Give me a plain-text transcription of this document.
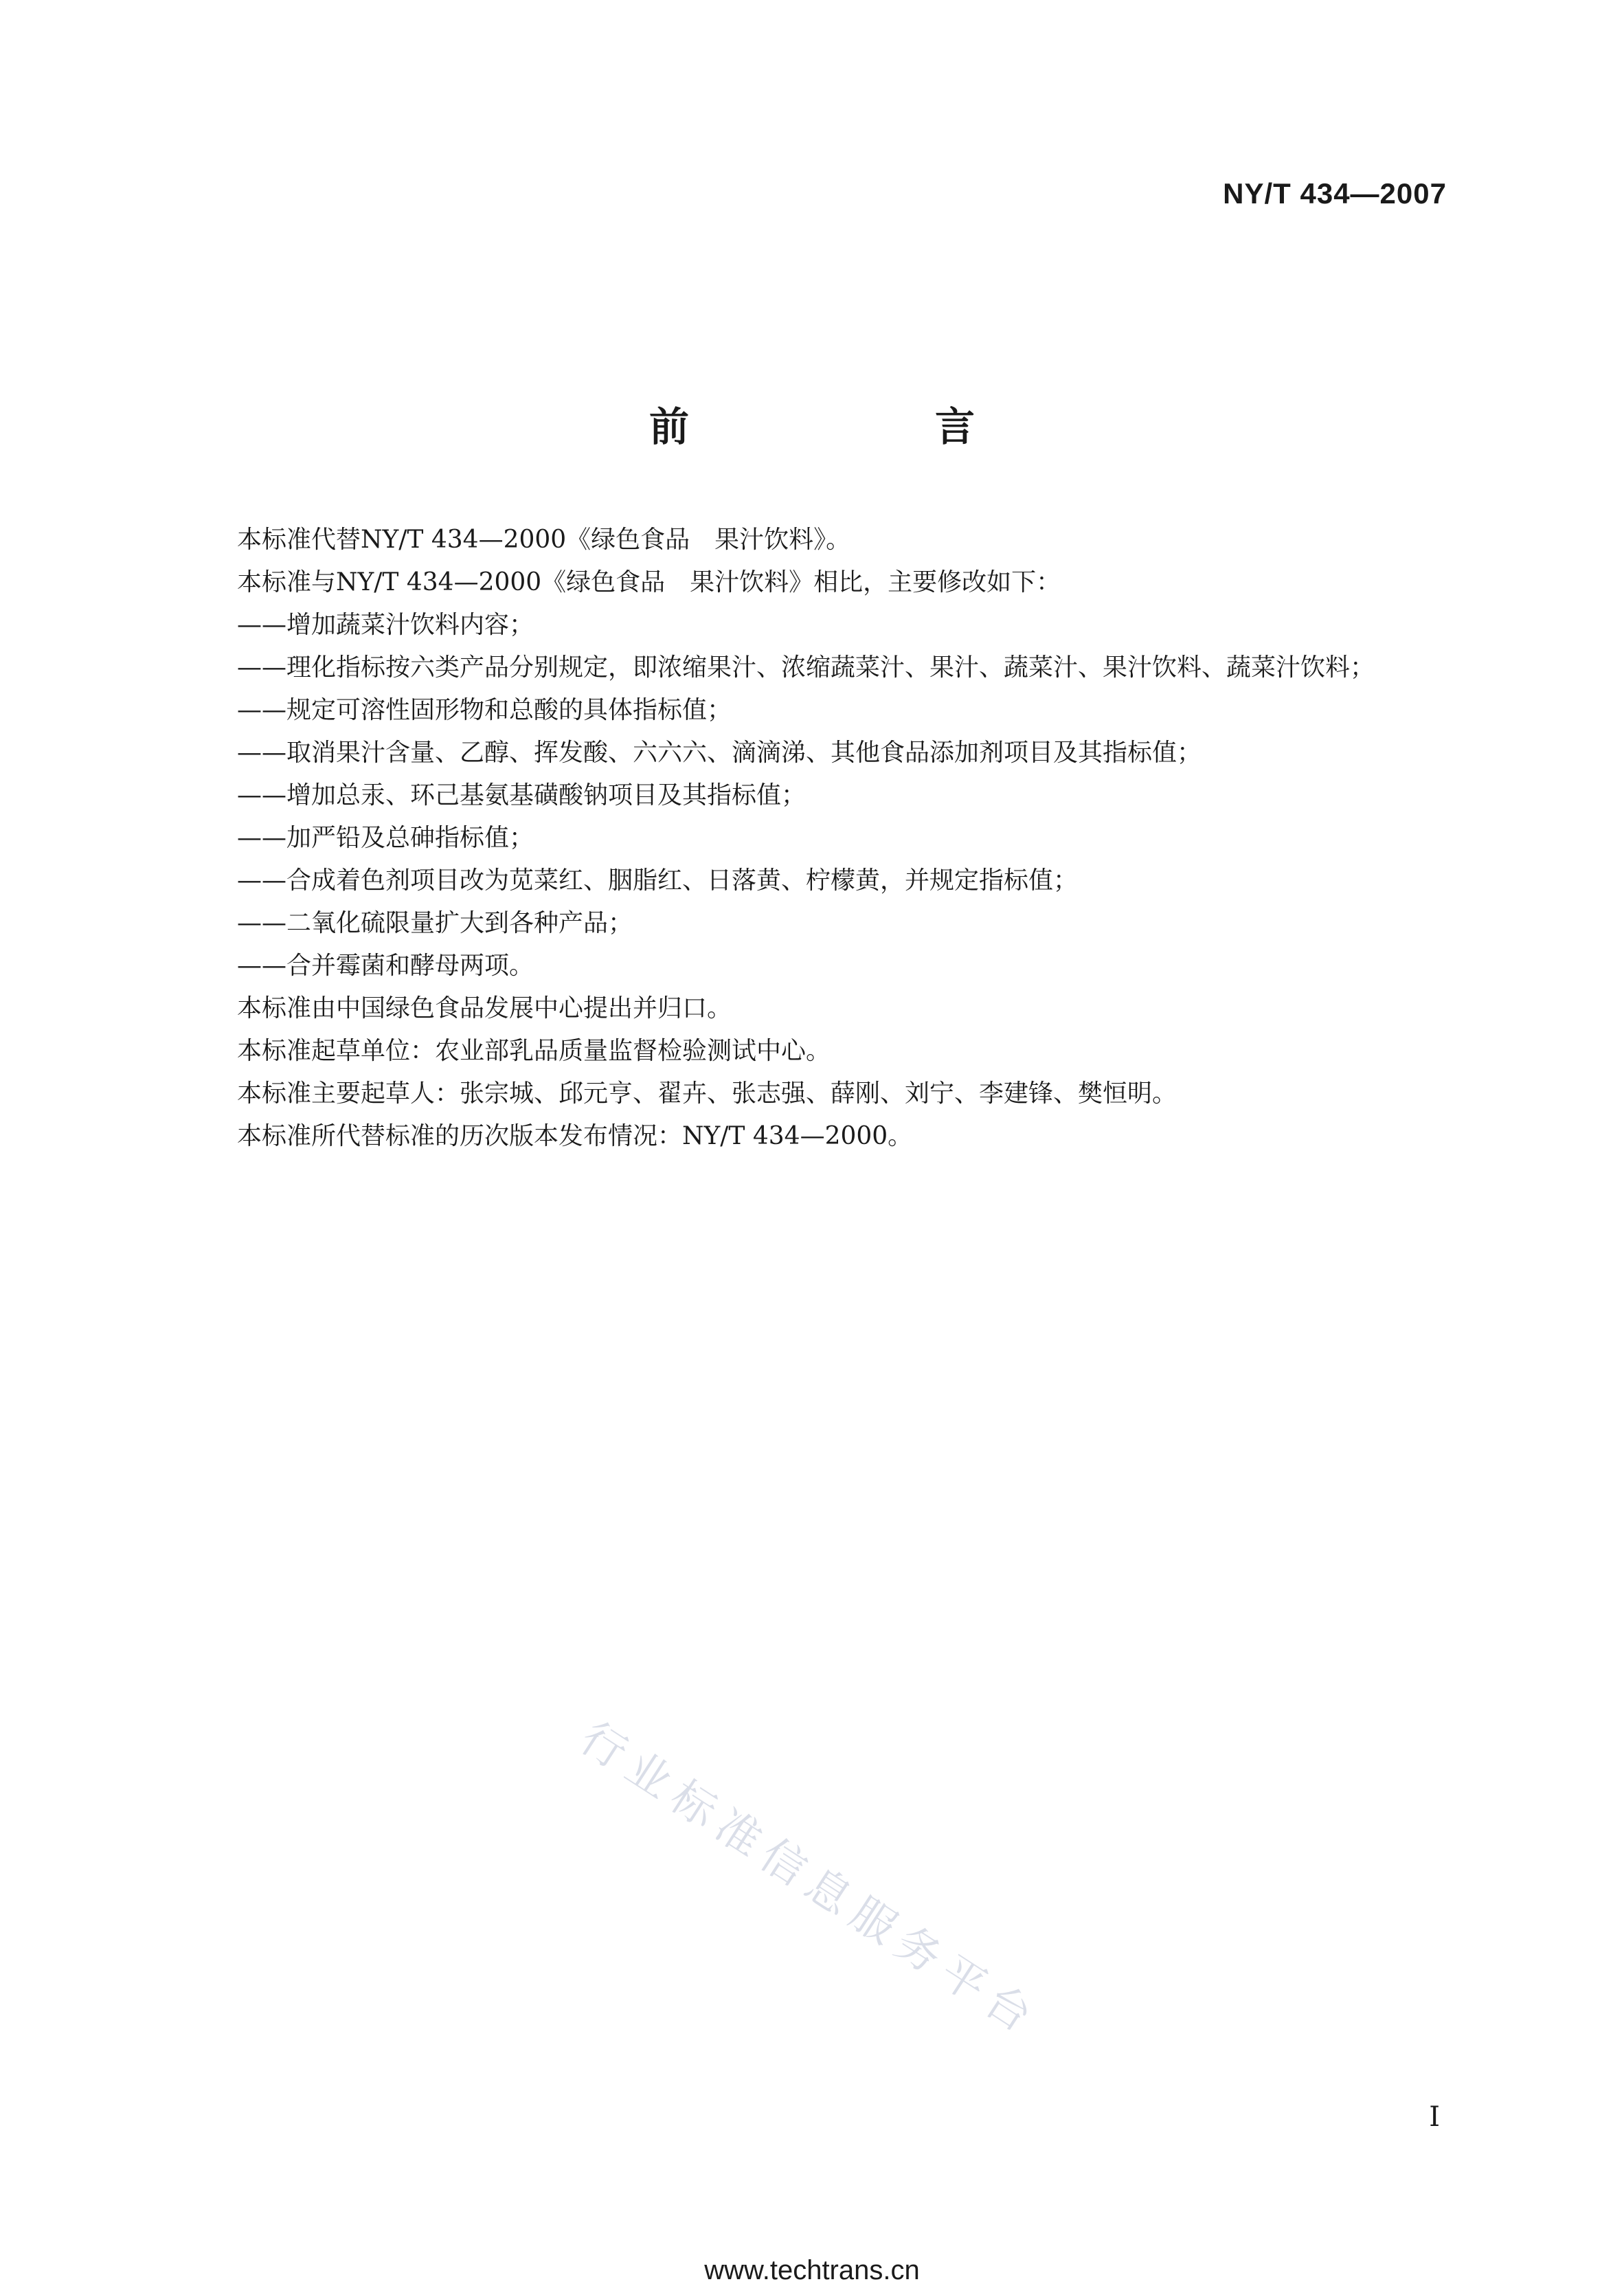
NY/T 434—2007
前　言

本标准代替NY/T 434—2000《绿色食品　果汁饮料》。

本标准与NY/T 434—2000《绿色食品　果汁饮料》相比，主要修改如下：

——增加蔬菜汁饮料内容；

——理化指标按六类产品分别规定，即浓缩果汁、浓缩蔬菜汁、果汁、蔬菜汁、果汁饮料、蔬菜汁饮料；

——规定可溶性固形物和总酸的具体指标值；

——取消果汁含量、乙醇、挥发酸、六六六、滴滴涕、其他食品添加剂项目及其指标值；

——增加总汞、环己基氨基磺酸钠项目及其指标值；

——加严铅及总砷指标值；

——合成着色剂项目改为苋菜红、胭脂红、日落黄、柠檬黄，并规定指标值；

——二氧化硫限量扩大到各种产品；

——合并霉菌和酵母两项。

本标准由中国绿色食品发展中心提出并归口。

本标准起草单位：农业部乳品质量监督检验测试中心。

本标准主要起草人：张宗城、邱元亨、翟卉、张志强、薛刚、刘宁、李建锋、樊恒明。

本标准所代替标准的历次版本发布情况：NY/T 434—2000。

行业标准信息服务平台
I
www.techtrans.cn
